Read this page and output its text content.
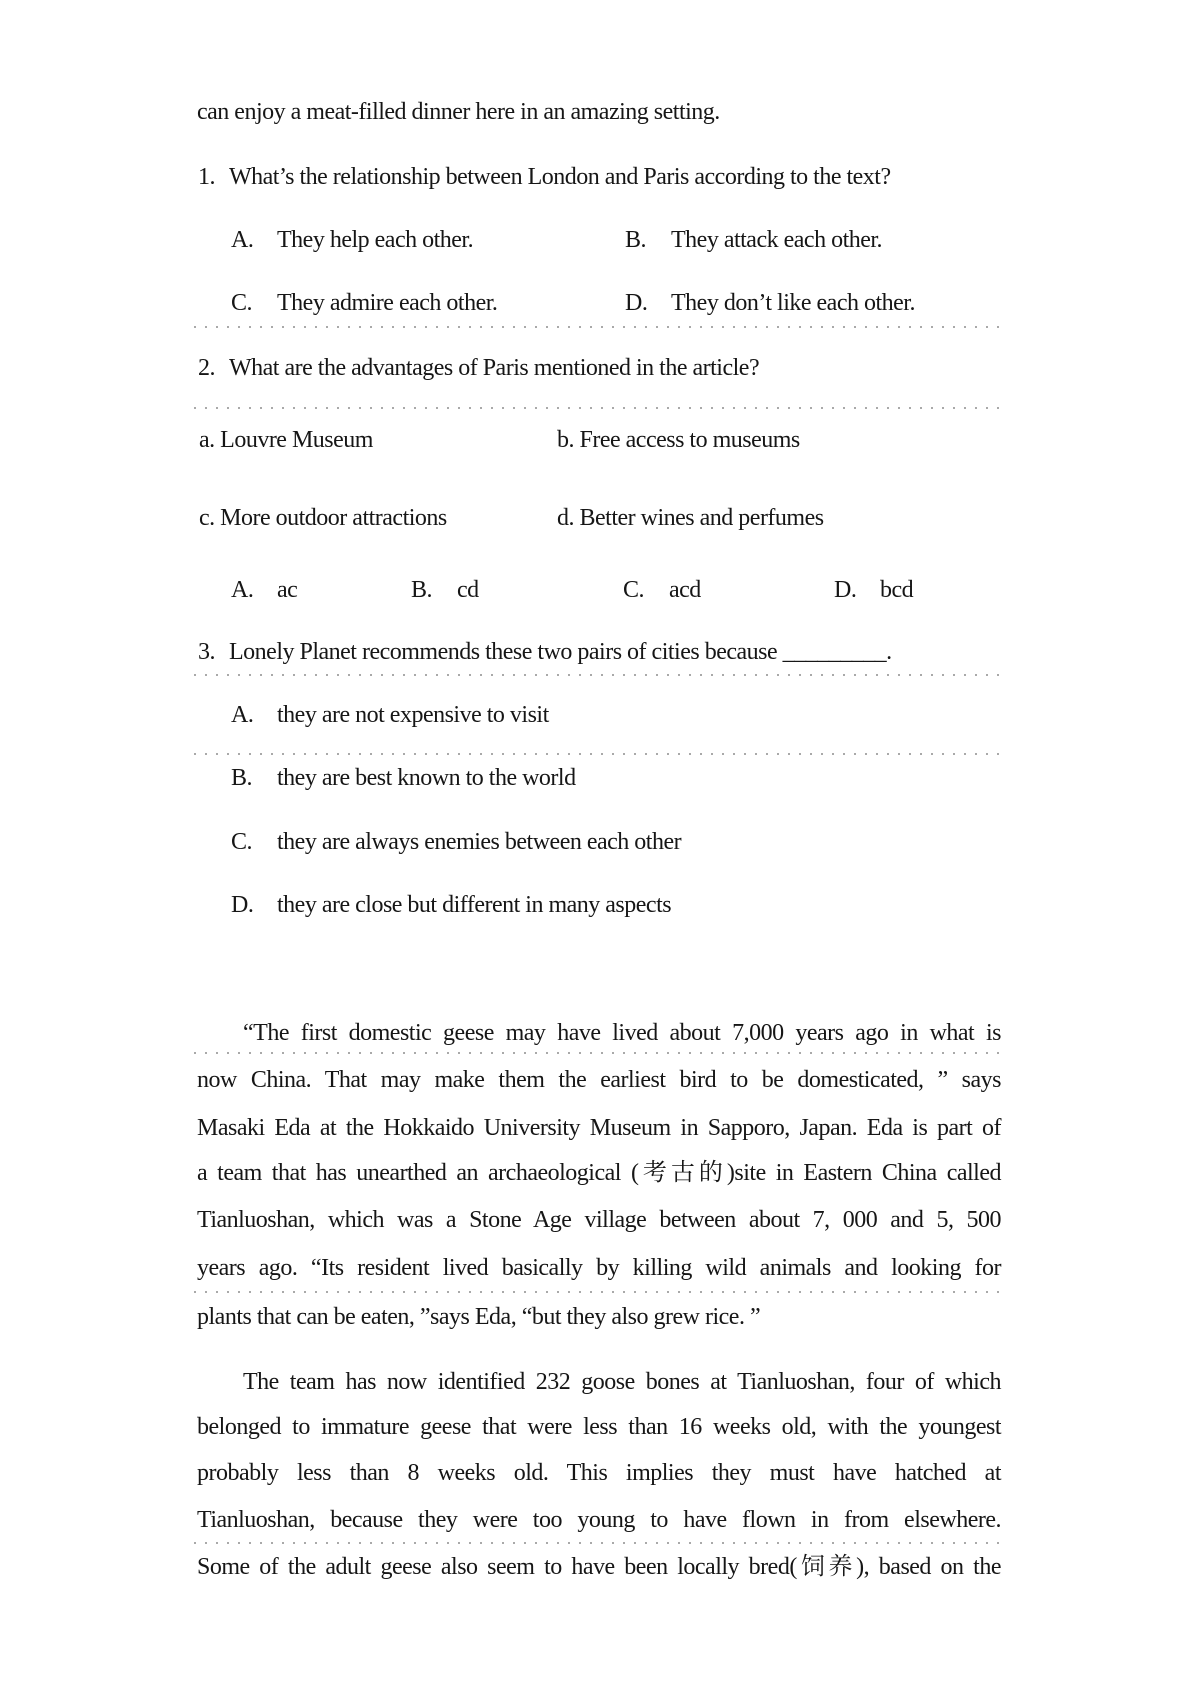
can enjoy a meat-filled dinner here in an amazing setting.
1. What’s the relationship between London and Paris according to the text?
A. They help each other.	B. They attack each other.
C. They admire each other.	D. They don’t like each other.
2. What are the advantages of Paris mentioned in the article?
a. Louvre Museum	b. Free access to museums
c. More outdoor attractions	d. Better wines and perfumes
A. ac	B. cd	C. acd	D. bcd
3. Lonely Planet recommends these two pairs of cities because _________.
A. they are not expensive to visit
B. they are best known to the world
C. they are always enemies between each other
D. they are close but different in many aspects
“The first domestic geese may have lived about 7,000 years ago in what is
now China. That may make them the earliest bird to be domesticated, ” says
Masaki Eda at the Hokkaido University Museum in Sapporo, Japan. Eda is part of
a team that has unearthed an archaeological (考古的)site in Eastern China called
Tianluoshan, which was a Stone Age village between about 7, 000 and 5, 500
years ago. “Its resident lived basically by killing wild animals and looking for
plants that can be eaten, ”says Eda, “but they also grew rice. ”
The team has now identified 232 goose bones at Tianluoshan, four of which
belonged to immature geese that were less than 16 weeks old, with the youngest
probably less than 8 weeks old. This implies they must have hatched at
Tianluoshan, because they were too young to have flown in from elsewhere.
Some of the adult geese also seem to have been locally bred(饲养), based on the
